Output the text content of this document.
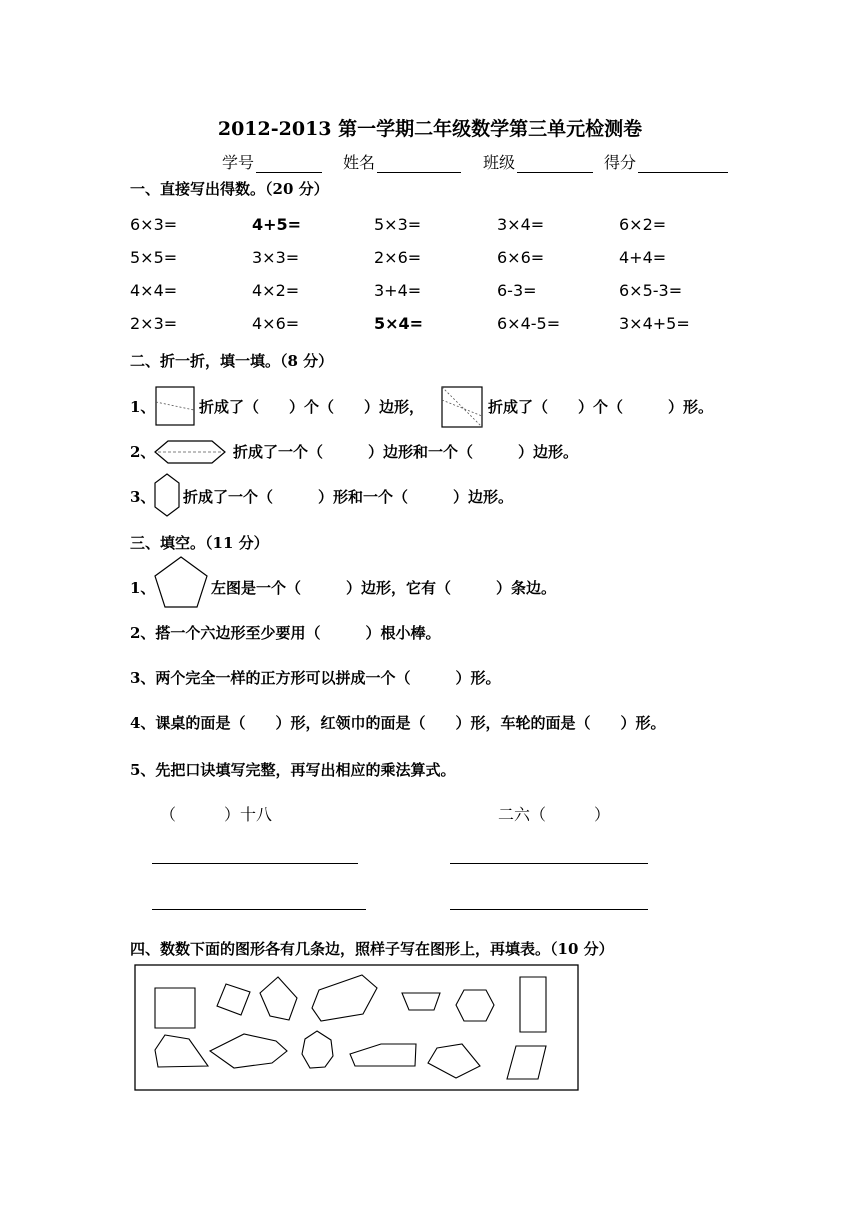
2012-2013 第一学期二年级数学第三单元检测卷
学号	姓名	班级	得分
一、直接写出得数。（20 分）
6×3=	4+5=	5×3=	3×4=	6×2=
5×5=	3×3=	2×6=	6×6=	4+4=
4×4=	4×2=	3+4=	6-3=	6×5-3=
2×3=	4×6=	5×4=	6×4-5=	3×4+5=
二、折一折，填一填。（8 分）
1、	折成了（　　）个（　　）边形，	折成了（　　）个（　　　）形。
2、	折成了一个（　　　）边形和一个（　　　）边形。
3、 折成了一个（　　　）形和一个（　　　）边形。
三、填空。（11 分）
1、	左图是一个（　　　）边形，它有（　　　）条边。
2、搭一个六边形至少要用（　　　）根小棒。
3、两个完全一样的正方形可以拼成一个（　　　）形。
4、课桌的面是（　　）形，红领巾的面是（　　）形，车轮的面是（　　）形。
5、先把口诀填写完整，再写出相应的乘法算式。
（　　　）十八	二六（　　　）
四、数数下面的图形各有几条边，照样子写在图形上，再填表。（10 分）
